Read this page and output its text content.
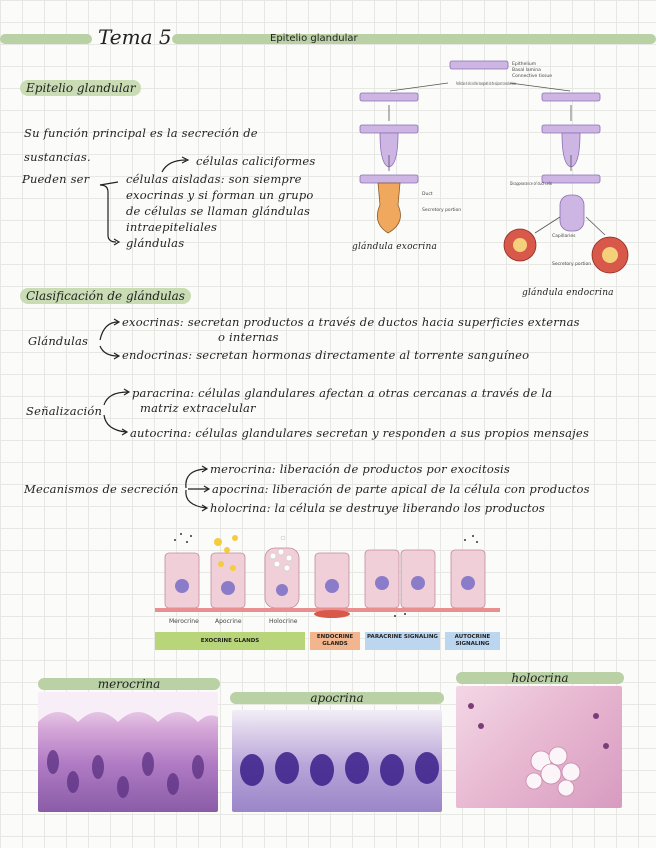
Tema 5	Epitelio glandular
Epitelio glandular
Su función principal es la secreción de
sustancias.
Pueden ser
células caliciformes
células aisladas: son siempre
exocrinas y si forman un grupo
de células se llaman glándulas
intraepiteliales
glándulas
Epithelium
Basal lamina
Connective tissue
Proliferation of cells and their downgrowth into the subjacent connective tissue
Duct
Secretory portion
Disappearance of duct cells
Capillaries
Secretory portion
glándula exocrina
glándula endocrina
Clasificación de glándulas
Glándulas
exocrinas: secretan productos a través de ductos hacia superficies externas
o internas
endocrinas: secretan hormonas directamente al torrente sanguíneo
Señalización
paracrina: células glandulares afectan a otras cercanas a través de la
matriz extracelular
autocrina: células glandulares secretan y responden a sus propios mensajes
Mecanismos de secreción
merocrina: liberación de productos por exocitosis
apocrina: liberación de parte apical de la célula con productos
holocrina: la célula se destruye liberando los productos
Merocrine	Apocrine	Holocrine
EXOCRINE GLANDS
ENDOCRINE GLANDS
PARACRINE SIGNALING	AUTOCRINE SIGNALING
merocrina
apocrina
holocrina
